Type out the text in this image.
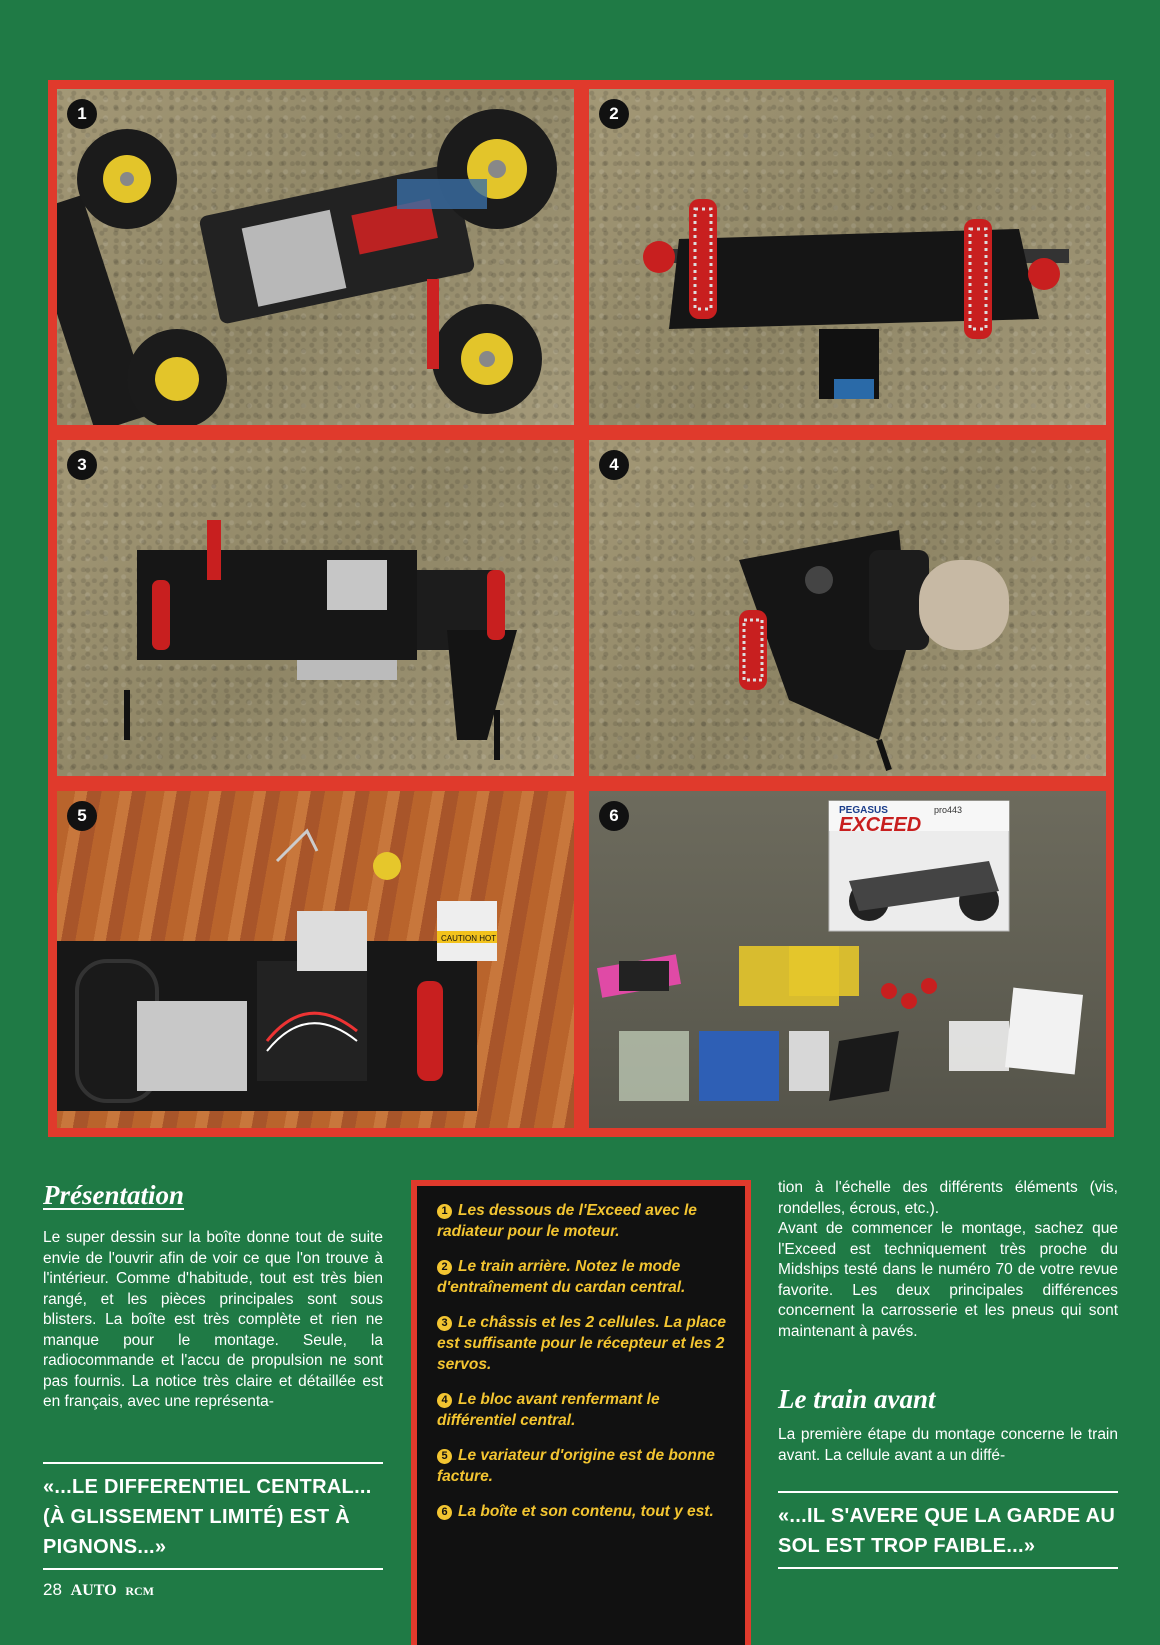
1	2
3	4
CAUTION HOT
5	PEGASUS
EXCEED
pro443
6
Présentation

Le super dessin sur la boîte donne tout de suite envie de l'ouvrir afin de voir ce que l'on trouve à l'intérieur. Comme d'habitude, tout est très bien rangé, et les pièces principales sont sous blisters. La boîte est très complète et rien ne manque pour le montage. Seule, la radiocommande et l'accu de propulsion ne sont pas fournis. La notice très claire et détaillée est en français, avec une représenta-

«...LE DIFFERENTIEL CENTRAL... (À GLISSEMENT LIMITÉ) EST À PIGNONS...»

1 Les dessous de l'Exceed avec le radiateur pour le moteur.

2 Le train arrière. Notez le mode d'entraînement du cardan central.

3 Le châssis et les 2 cellules. La place est suffisante pour le récepteur et les 2 servos.

4 Le bloc avant renfermant le différentiel central.

5 Le variateur d'origine est de bonne facture.

6 La boîte et son contenu, tout y est.

tion à l'échelle des différents éléments (vis, rondelles, écrous, etc.).

Avant de commencer le montage, sachez que l'Exceed est techniquement très proche du Midships testé dans le numéro 70 de votre revue favorite. Les deux principales différences concernent la carrosserie et les pneus qui sont maintenant à pavés.

Le train avant

La première étape du montage concerne le train avant. La cellule avant a un diffé-

«...IL S'AVERE QUE LA GARDE AU SOL EST TROP FAIBLE...»
28 AUTO RCM
